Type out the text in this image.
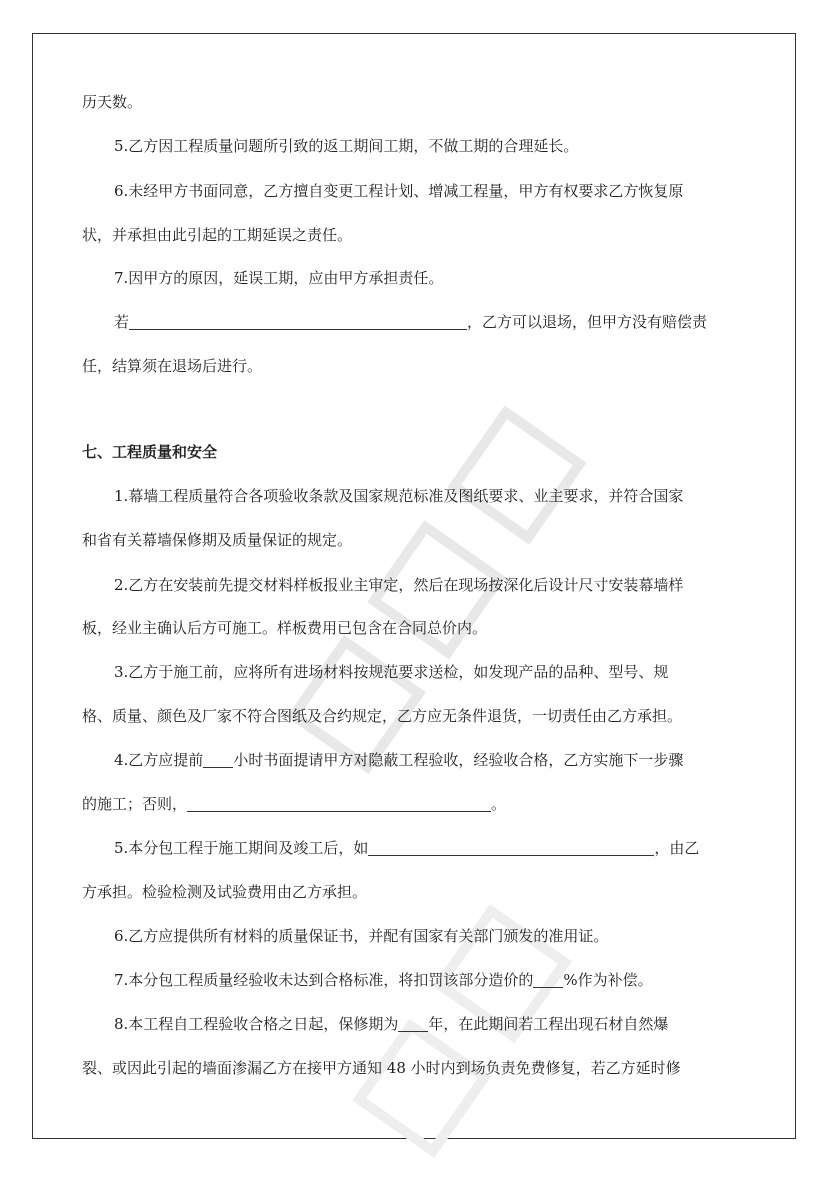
历天数。
5.乙方因工程质量问题所引致的返工期间工期，不做工期的合理延长。
6.未经甲方书面同意，乙方擅自变更工程计划、增减工程量，甲方有权要求乙方恢复原
状，并承担由此引起的工期延误之责任。
7.因甲方的原因，延误工期，应由甲方承担责任。
若	，乙方可以退场，但甲方没有赔偿责
任，结算须在退场后进行。
七、工程质量和安全
1.幕墙工程质量符合各项验收条款及国家规范标准及图纸要求、业主要求，并符合国家
和省有关幕墙保修期及质量保证的规定。
2.乙方在安装前先提交材料样板报业主审定，然后在现场按深化后设计尺寸安装幕墙样
板，经业主确认后方可施工。样板费用已包含在合同总价内。
3.乙方于施工前，应将所有进场材料按规范要求送检，如发现产品的品种、型号、规
格、质量、颜色及厂家不符合图纸及合约规定，乙方应无条件退货，一切责任由乙方承担。
4.乙方应提前 小时书面提请甲方对隐蔽工程验收，经验收合格，乙方实施下一步骤
的施工；否则，	。
5.本分包工程于施工期间及竣工后，如	，由乙
方承担。检验检测及试验费用由乙方承担。
6.乙方应提供所有材料的质量保证书，并配有国家有关部门颁发的准用证。
7.本分包工程质量经验收未达到合格标准，将扣罚该部分造价的 %作为补偿。
8.本工程自工程验收合格之日起，保修期为 年，在此期间若工程出现石材自然爆
裂、或因此引起的墙面渗漏乙方在接甲方通知 48 小时内到场负责免费修复，若乙方延时修
